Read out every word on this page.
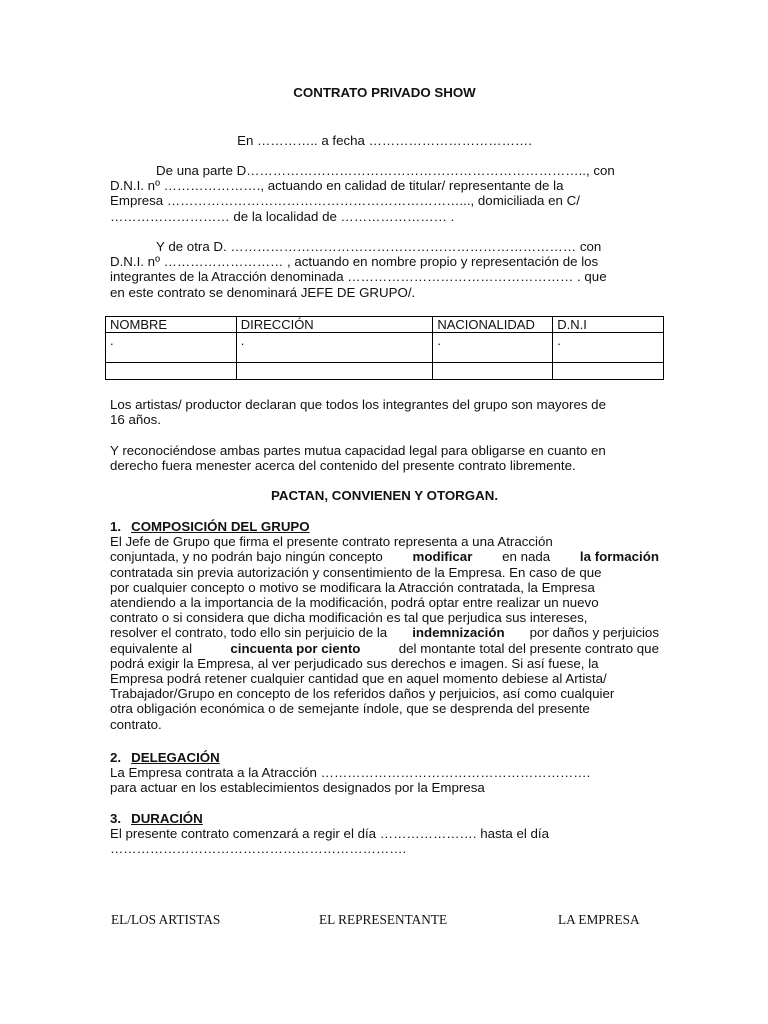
CONTRATO PRIVADO SHOW
En ………….. a fecha ……………………………….
De una parte D………………………………………………………………….., con
D.N.I. nº …………………., actuando en calidad de titular/ representante de la
Empresa …………………………………………………………..., domiciliada en C/
……………………… de la localidad de …………………… .
Y de otra D. …………………………………………………………………… con
D.N.I. nº ……………………… , actuando en nombre propio y representación de los
integrantes de la Atracción denominada …………………………………………… . que
en este contrato se denominará JEFE DE GRUPO/.
NOMBRE	DIRECCIÓN	NACIONALIDAD	D.N.I
.	.	.	.

Los artistas/ productor declaran que todos los integrantes del grupo son mayores de
16 años.
Y reconociéndose ambas partes mutua capacidad legal para obligarse en cuanto en
derecho fuera menester acerca del contenido del presente contrato libremente.
PACTAN, CONVIENEN Y OTORGAN.
1. COMPOSICIÓN DEL GRUPO
El Jefe de Grupo que firma el presente contrato representa a una Atracción
conjuntada, y no podrán bajo ningún concepto modificar en nada la formación
contratada sin previa autorización y consentimiento de la Empresa. En caso de que
por cualquier concepto o motivo se modificara la Atracción contratada, la Empresa
atendiendo a la importancia de la modificación, podrá optar entre realizar un nuevo
contrato o si considera que dicha modificación es tal que perjudica sus intereses,
resolver el contrato, todo ello sin perjuicio de la indemnización por daños y perjuicios
equivalente al	cincuenta por ciento	del montante total del presente contrato que
podrá exigir la Empresa, al ver perjudicado sus derechos e imagen. Si así fuese, la
Empresa podrá retener cualquier cantidad que en aquel momento debiese al Artista/
Trabajador/Grupo en concepto de los referidos daños y perjuicios, así como cualquier
otra obligación económica o de semejante índole, que se desprenda del presente
contrato.
2. DELEGACIÓN
La Empresa contrata a la Atracción …………………………………………………….
para actuar en los establecimientos designados por la Empresa
3. DURACIÓN
El presente contrato comenzará a regir el día …………………. hasta el día
………………………………………………………….
EL/LOS ARTISTAS	EL REPRESENTANTE	LA EMPRESA
